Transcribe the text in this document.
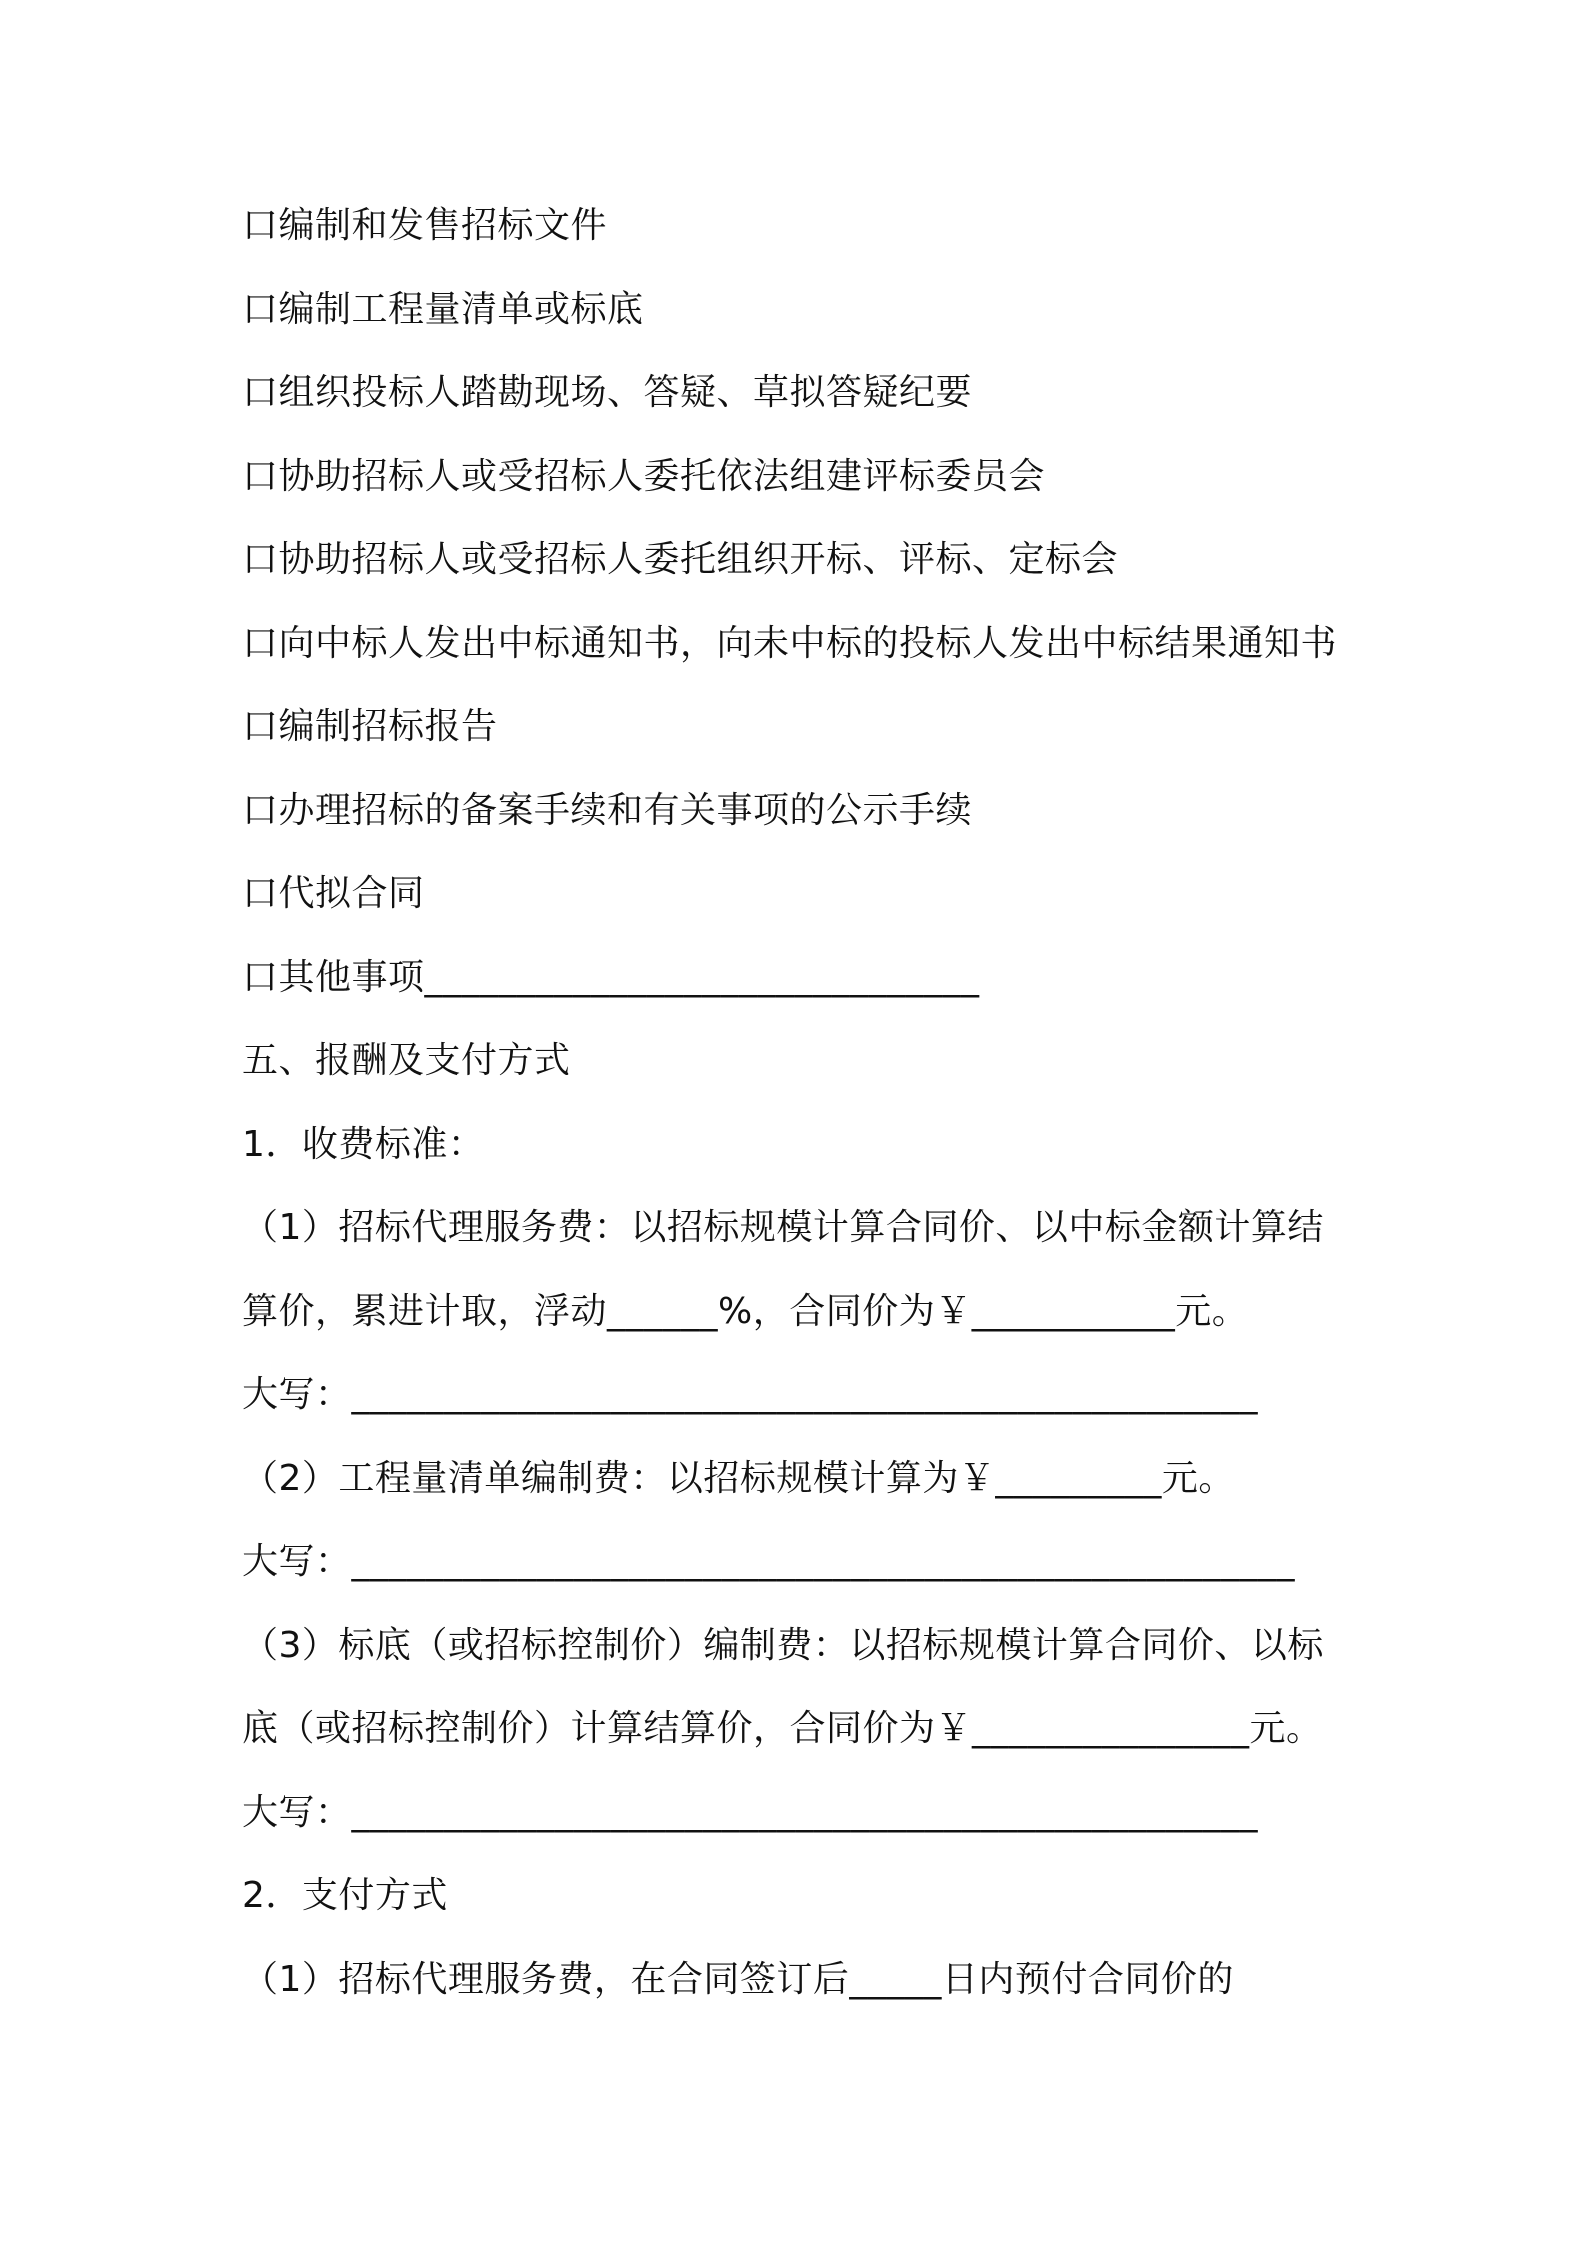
口编制和发售招标文件
口编制工程量清单或标底
口组织投标人踏勘现场、答疑、草拟答疑纪要
口协助招标人或受招标人委托依法组建评标委员会
口协助招标人或受招标人委托组织开标、评标、定标会
口向中标人发出中标通知书，向未中标的投标人发出中标结果通知书
口编制招标报告
口办理招标的备案手续和有关事项的公示手续
口代拟合同
口其他事项______________________________
五、报酬及支付方式
1．收费标准：
（1）招标代理服务费：以招标规模计算合同价、以中标金额计算结
算价，累进计取，浮动______%，合同价为￥___________元。
大写：_________________________________________________
（2）工程量清单编制费：以招标规模计算为￥_________元。
大写：___________________________________________________
（3）标底（或招标控制价）编制费：以招标规模计算合同价、以标
底（或招标控制价）计算结算价，合同价为￥_______________元。
大写：_________________________________________________
2．支付方式
（1）招标代理服务费，在合同签订后_____日内预付合同价的
